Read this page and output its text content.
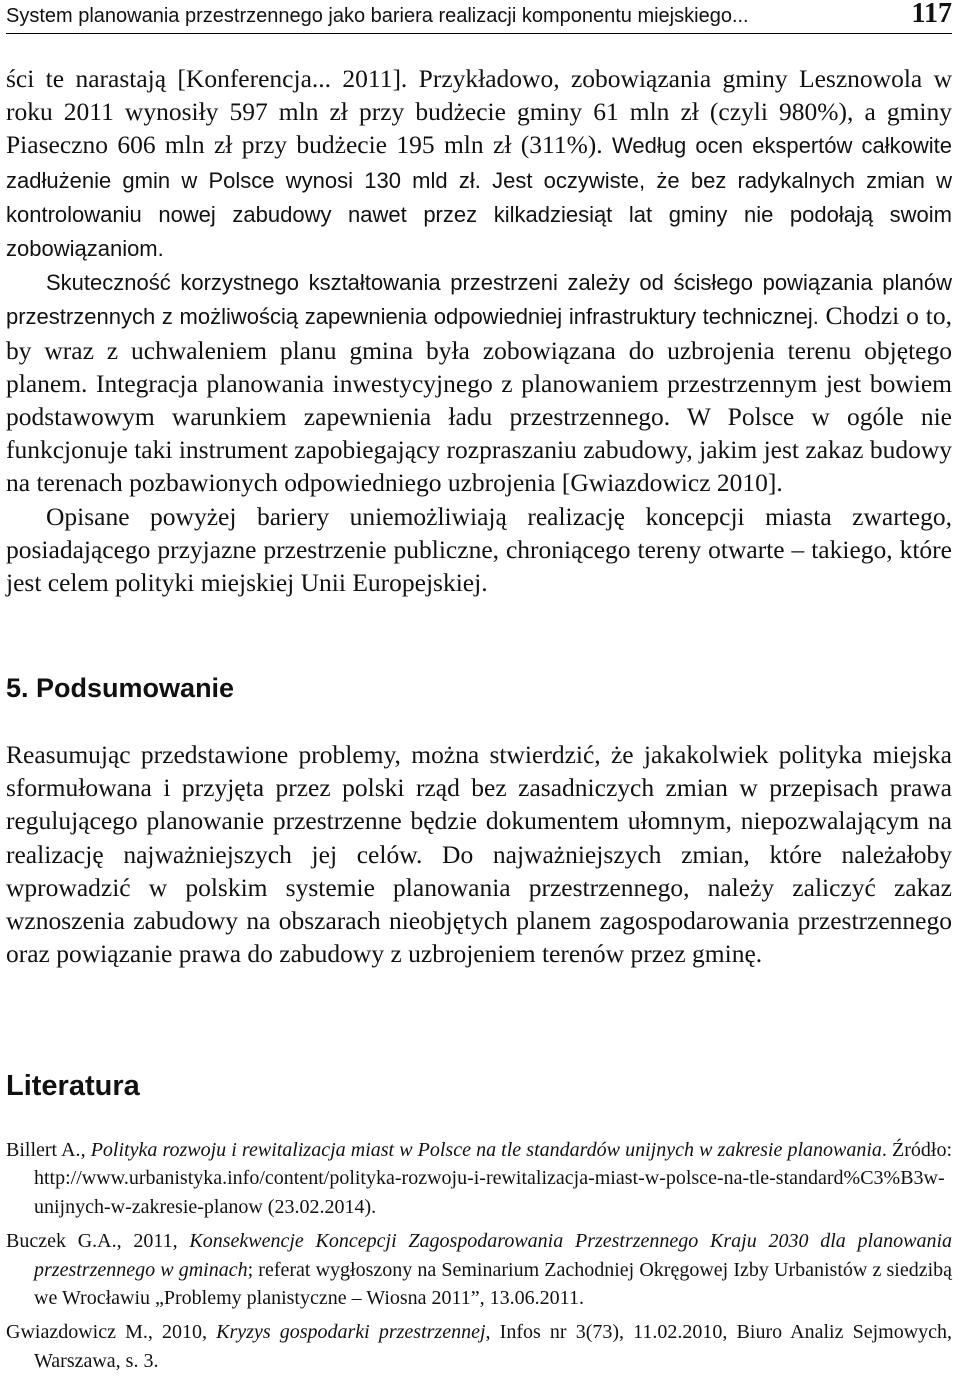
System planowania przestrzennego jako bariera realizacji komponentu miejskiego...	117

ści te narastają [Konferencja... 2011]. Przykładowo, zobowiązania gminy Lesznowola w roku 2011 wynosiły 597 mln zł przy budżecie gminy 61 mln zł (czyli 980%), a gminy Piaseczno 606 mln zł przy budżecie 195 mln zł (311%). Według ocen ekspertów całkowite zadłużenie gmin w Polsce wynosi 130 mld zł. Jest oczywiste, że bez radykalnych zmian w kontrolowaniu nowej zabudowy nawet przez kilkadziesiąt lat gminy nie podołają swoim zobowiązaniom.

Skuteczność korzystnego kształtowania przestrzeni zależy od ścisłego powiązania planów przestrzennych z możliwością zapewnienia odpowiedniej infrastruktury technicznej. Chodzi o to, by wraz z uchwaleniem planu gmina była zobowiązana do uzbrojenia terenu objętego planem. Integracja planowania inwestycyjnego z planowaniem przestrzennym jest bowiem podstawowym warunkiem zapewnienia ładu przestrzennego. W Polsce w ogóle nie funkcjonuje taki instrument zapobiegający rozpraszaniu zabudowy, jakim jest zakaz budowy na terenach pozbawionych odpowiedniego uzbrojenia [Gwiazdowicz 2010].

Opisane powyżej bariery uniemożliwiają realizację koncepcji miasta zwartego, posiadającego przyjazne przestrzenie publiczne, chroniącego tereny otwarte – takiego, które jest celem polityki miejskiej Unii Europejskiej.

5. Podsumowanie

Reasumując przedstawione problemy, można stwierdzić, że jakakolwiek polityka miejska sformułowana i przyjęta przez polski rząd bez zasadniczych zmian w przepisach prawa regulującego planowanie przestrzenne będzie dokumentem ułomnym, niepozwalającym na realizację najważniejszych jej celów. Do najważniejszych zmian, które należałoby wprowadzić w polskim systemie planowania przestrzennego, należy zaliczyć zakaz wznoszenia zabudowy na obszarach nieobjętych planem zagospodarowania przestrzennego oraz powiązanie prawa do zabudowy z uzbrojeniem terenów przez gminę.

Literatura

Billert A., Polityka rozwoju i rewitalizacja miast w Polsce na tle standardów unijnych w zakresie planowania. Źródło: http://www.urbanistyka.info/content/polityka-rozwoju-i-rewitalizacja-miast-w-polsce-na-tle-standard%C3%B3w-unijnych-w-zakresie-planow (23.02.2014).

Buczek G.A., 2011, Konsekwencje Koncepcji Zagospodarowania Przestrzennego Kraju 2030 dla planowania przestrzennego w gminach; referat wygłoszony na Seminarium Zachodniej Okręgowej Izby Urbanistów z siedzibą we Wrocławiu „Problemy planistyczne – Wiosna 2011”, 13.06.2011.

Gwiazdowicz M., 2010, Kryzys gospodarki przestrzennej, Infos nr 3(73), 11.02.2010, Biuro Analiz Sejmowych, Warszawa, s. 3.
